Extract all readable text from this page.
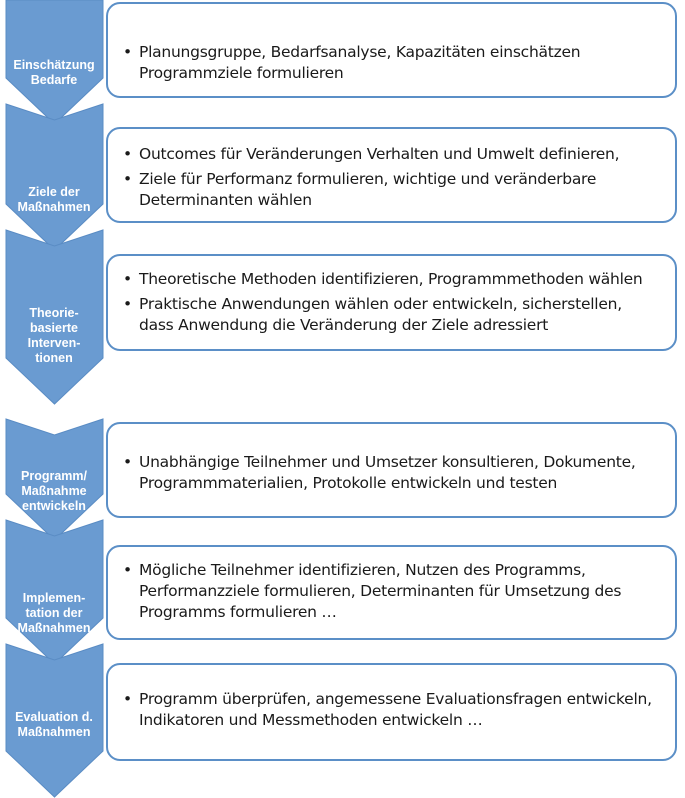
• Planungsgruppe, Bedarfsanalyse, Kapazitäten einschätzen Programmziele formulieren
Einschätzung
Bedarfe
• Outcomes für Veränderungen Verhalten und Umwelt definieren,
• Ziele für Performanz formulieren, wichtige und veränderbare Determinanten wählen
Ziele der
Maßnahmen
• Theoretische Methoden identifizieren, Programmmethoden wählen
• Praktische Anwendungen wählen oder entwickeln, sicherstellen, dass Anwendung die Veränderung der Ziele adressiert
Theorie-
basierte
Interven-
tionen
• Unabhängige Teilnehmer und Umsetzer konsultieren, Dokumente, Programmmaterialien, Protokolle entwickeln und testen
Programm/
Maßnahme
entwickeln
• Mögliche Teilnehmer identifizieren, Nutzen des Programms, Performanzziele formulieren, Determinanten für Umsetzung des Programms formulieren …
Implemen-
tation der
Maßnahmen
• Programm überprüfen, angemessene Evaluationsfragen entwickeln, Indikatoren und Messmethoden entwickeln …
Evaluation d.
Maßnahmen
